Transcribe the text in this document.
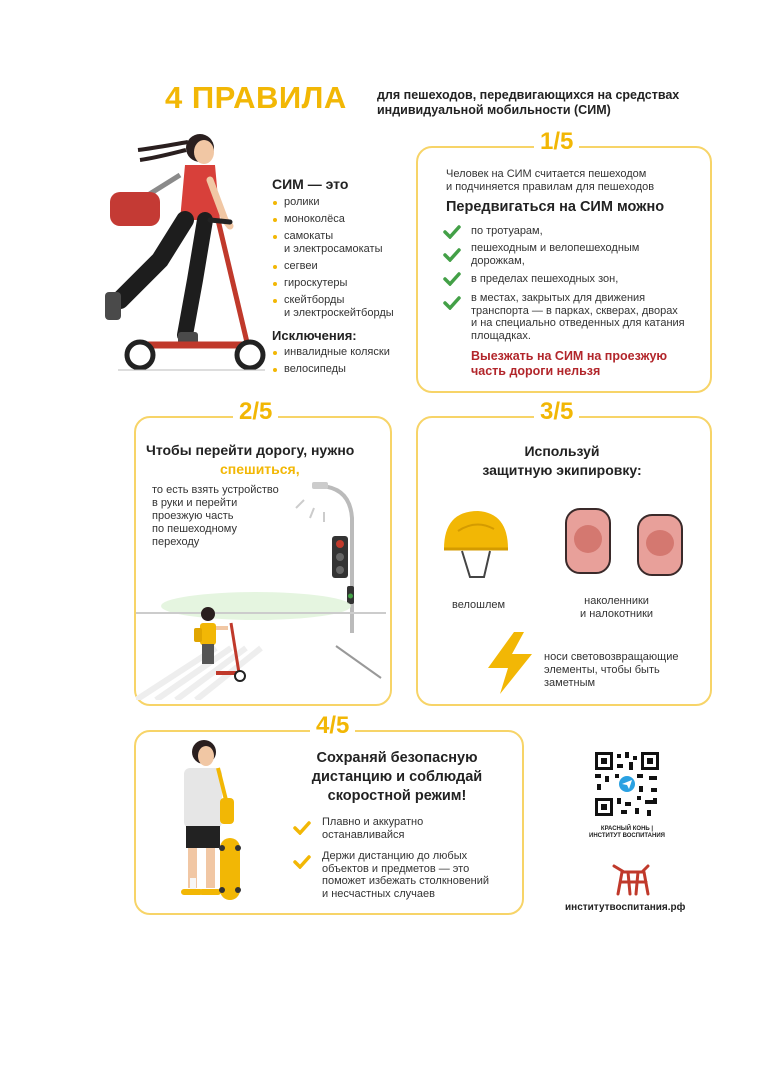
4 ПРАВИЛА для пешеходов, передвигающихся на средствах индивидуальной мобильности (СИМ)
СИМ — это
ролики
моноколёса
самокаты
и электросамокаты
сегвеи
гироскутеры
скейтборды
и электроскейтборды
Исключения:
инвалидные коляски
велосипеды
1/5
Человек на СИМ считается пешеходом
и подчиняется правилам для пешеходов
Передвигаться на СИМ можно
по тротуарам,
пешеходным и велопешеходным
дорожкам,
в пределах пешеходных зон,
в местах, закрытых для движения
транспорта — в парках, скверах, дворах
и на специально отведенных для катания
площадках.
Выезжать на СИМ на проезжую
часть дороги нельзя
2/5
Чтобы перейти дорогу, нужно
спешиться,
то есть взять устройство
в руки и перейти
проезжую часть
по пешеходному
переходу
3/5
Используй
защитную экипировку:
велошлем	наколенники
и налокотники
носи световозвращающие
элементы, чтобы быть
заметным
4/5
Сохраняй безопасную
дистанцию и соблюдай
скоростной режим!
Плавно и аккуратно
останавливайся
Держи дистанцию до любых
объектов и предметов — это
поможет избежать столкновений
и несчастных случаев
КРАСНЫЙ КОНЬ |
ИНСТИТУТ ВОСПИТАНИЯ
институтвоспитания.рф
